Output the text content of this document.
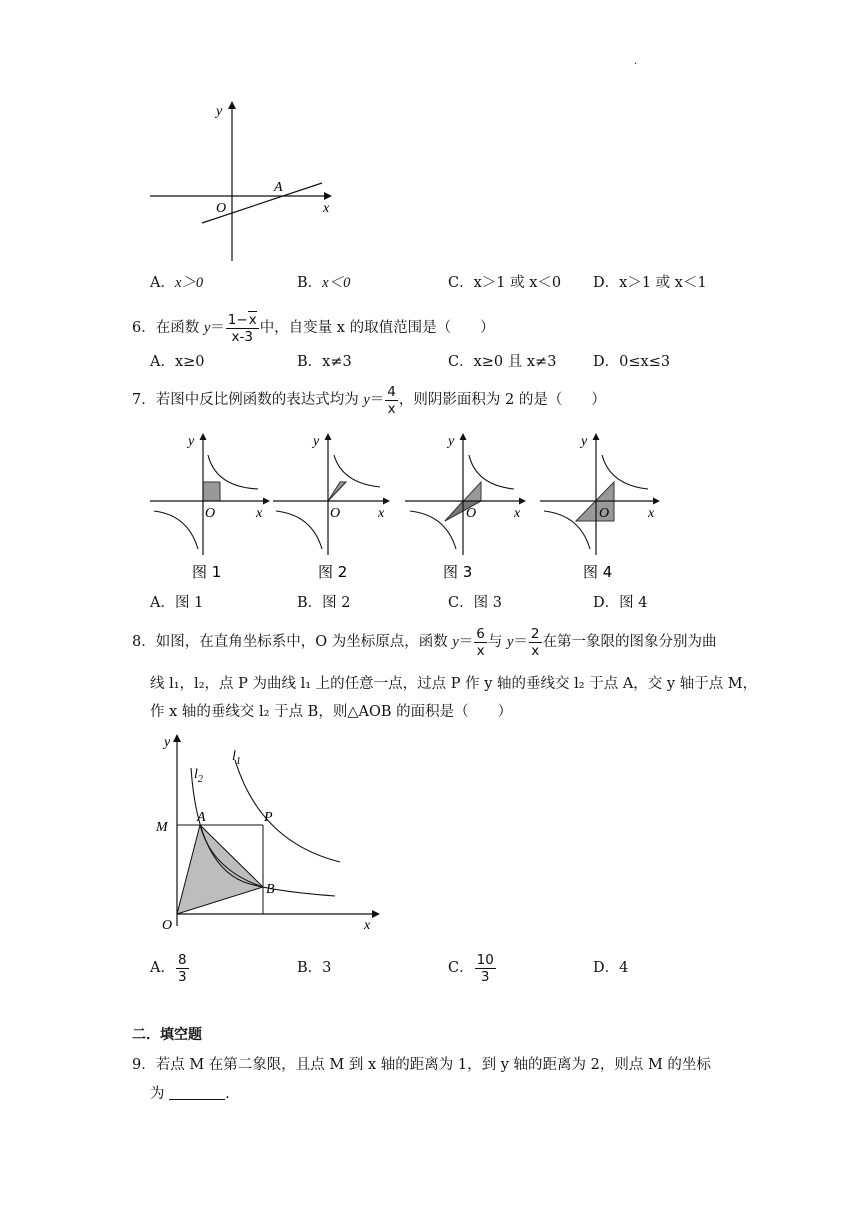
.
y
x
O
A
A．x＞0	B．x＜0	C．x＞1 或 x＜0 D．x＞1 或 x＜1
6．在函数 $y= \frac{1-x}{x-3}$ 中，自变量 x 的取值范围是（　　）
A．x≥0	B．x≠3	C．x≥0 且 x≠3	D．0≤x≤3
7．若图中反比例函数的表达式均为 $y= \frac{4}{x}$ ，则阴影面积为 2 的是（　　）
y
O	x
图 1
y
O	x
图 2
y
O	x
图 3
y
O	x
图 4
A．图 1	B．图 2	C．图 3	D．图 4
8．如图，在直角坐标系中，O 为坐标原点，函数 $y= \frac{6}{x}$ 与 $y= \frac{2}{x}$ 在第一象限的图象分别为曲
线 l₁，l₂，点 P 为曲线 l₁ 上的任意一点，过点 P 作 y 轴的垂线交 l₂ 于点 A，交 y 轴于点 M，
作 x 轴的垂线交 l₂ 于点 B，则△AOB 的面积是（　　）
y
x
O
M
A	P
B
$l_1$
$l_2$
A． $\frac{8}{3}$	B．3	C． $\frac{10}{3}$	D．4
二．填空题
9．若点 M 在第二象限，且点 M 到 x 轴的距离为 1，到 y 轴的距离为 2，则点 M 的坐标
为	.
